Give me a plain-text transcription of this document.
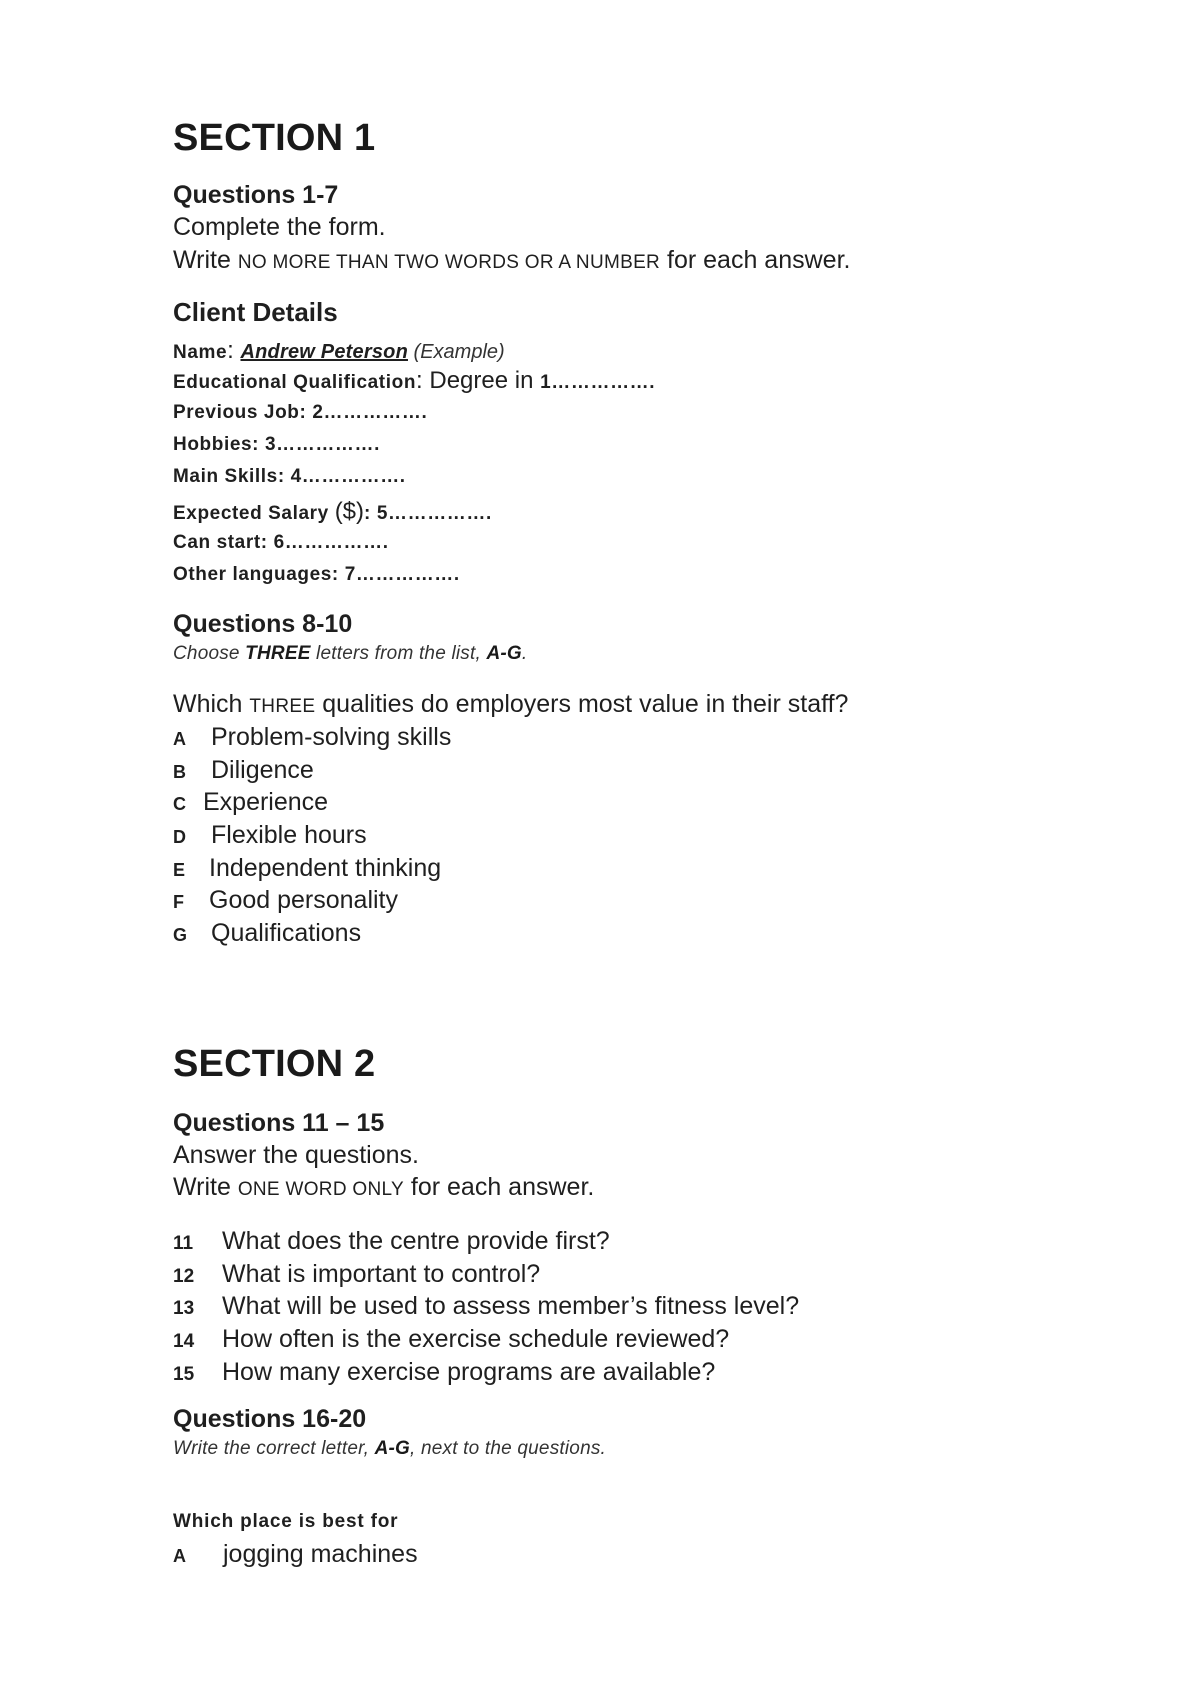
SECTION 1
Questions 1-7
Complete the form.
Write NO MORE THAN TWO WORDS OR A NUMBER for each answer.
Client Details
Name: Andrew Peterson (Example)
Educational Qualification: Degree in 1…………….
Previous Job: 2…………….
Hobbies: 3…………….
Main Skills: 4…………….
Expected Salary ($): 5…………….
Can start: 6…………….
Other languages: 7…………….
Questions 8-10
Choose THREE letters from the list, A-G.
Which THREE qualities do employers most value in their staff?
A Problem-solving skills
B Diligence
C Experience
D Flexible hours
E Independent thinking
F Good personality
G Qualifications
SECTION 2
Questions 11 – 15
Answer the questions.
Write ONE WORD ONLY for each answer.
11 What does the centre provide first?
12 What is important to control?
13 What will be used to assess member’s fitness level?
14 How often is the exercise schedule reviewed?
15 How many exercise programs are available?
Questions 16-20
Write the correct letter, A-G, next to the questions.
Which place is best for
A jogging machines
